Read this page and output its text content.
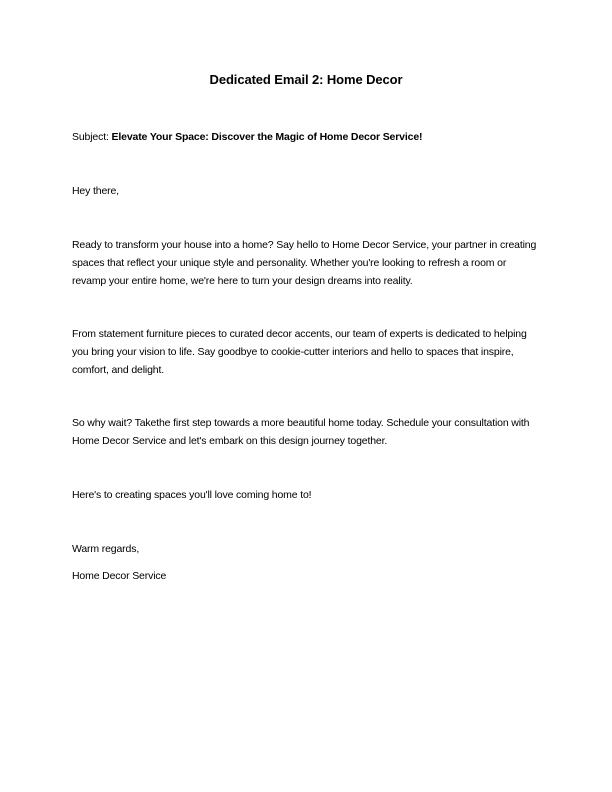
Dedicated Email 2: Home Decor

Subject: Elevate Your Space: Discover the Magic of Home Decor Service!

Hey there,

Ready to transform your house into a home? Say hello to Home Decor Service, your partner in creating spaces that reflect your unique style and personality. Whether you're looking to refresh a room or revamp your entire home, we're here to turn your design dreams into reality.

From statement furniture pieces to curated decor accents, our team of experts is dedicated to helping you bring your vision to life. Say goodbye to cookie-cutter interiors and hello to spaces that inspire, comfort, and delight.

So why wait? Takethe first step towards a more beautiful home today. Schedule your consultation with Home Decor Service and let's embark on this design journey together.

Here's to creating spaces you'll love coming home to!

Warm regards,

Home Decor Service
